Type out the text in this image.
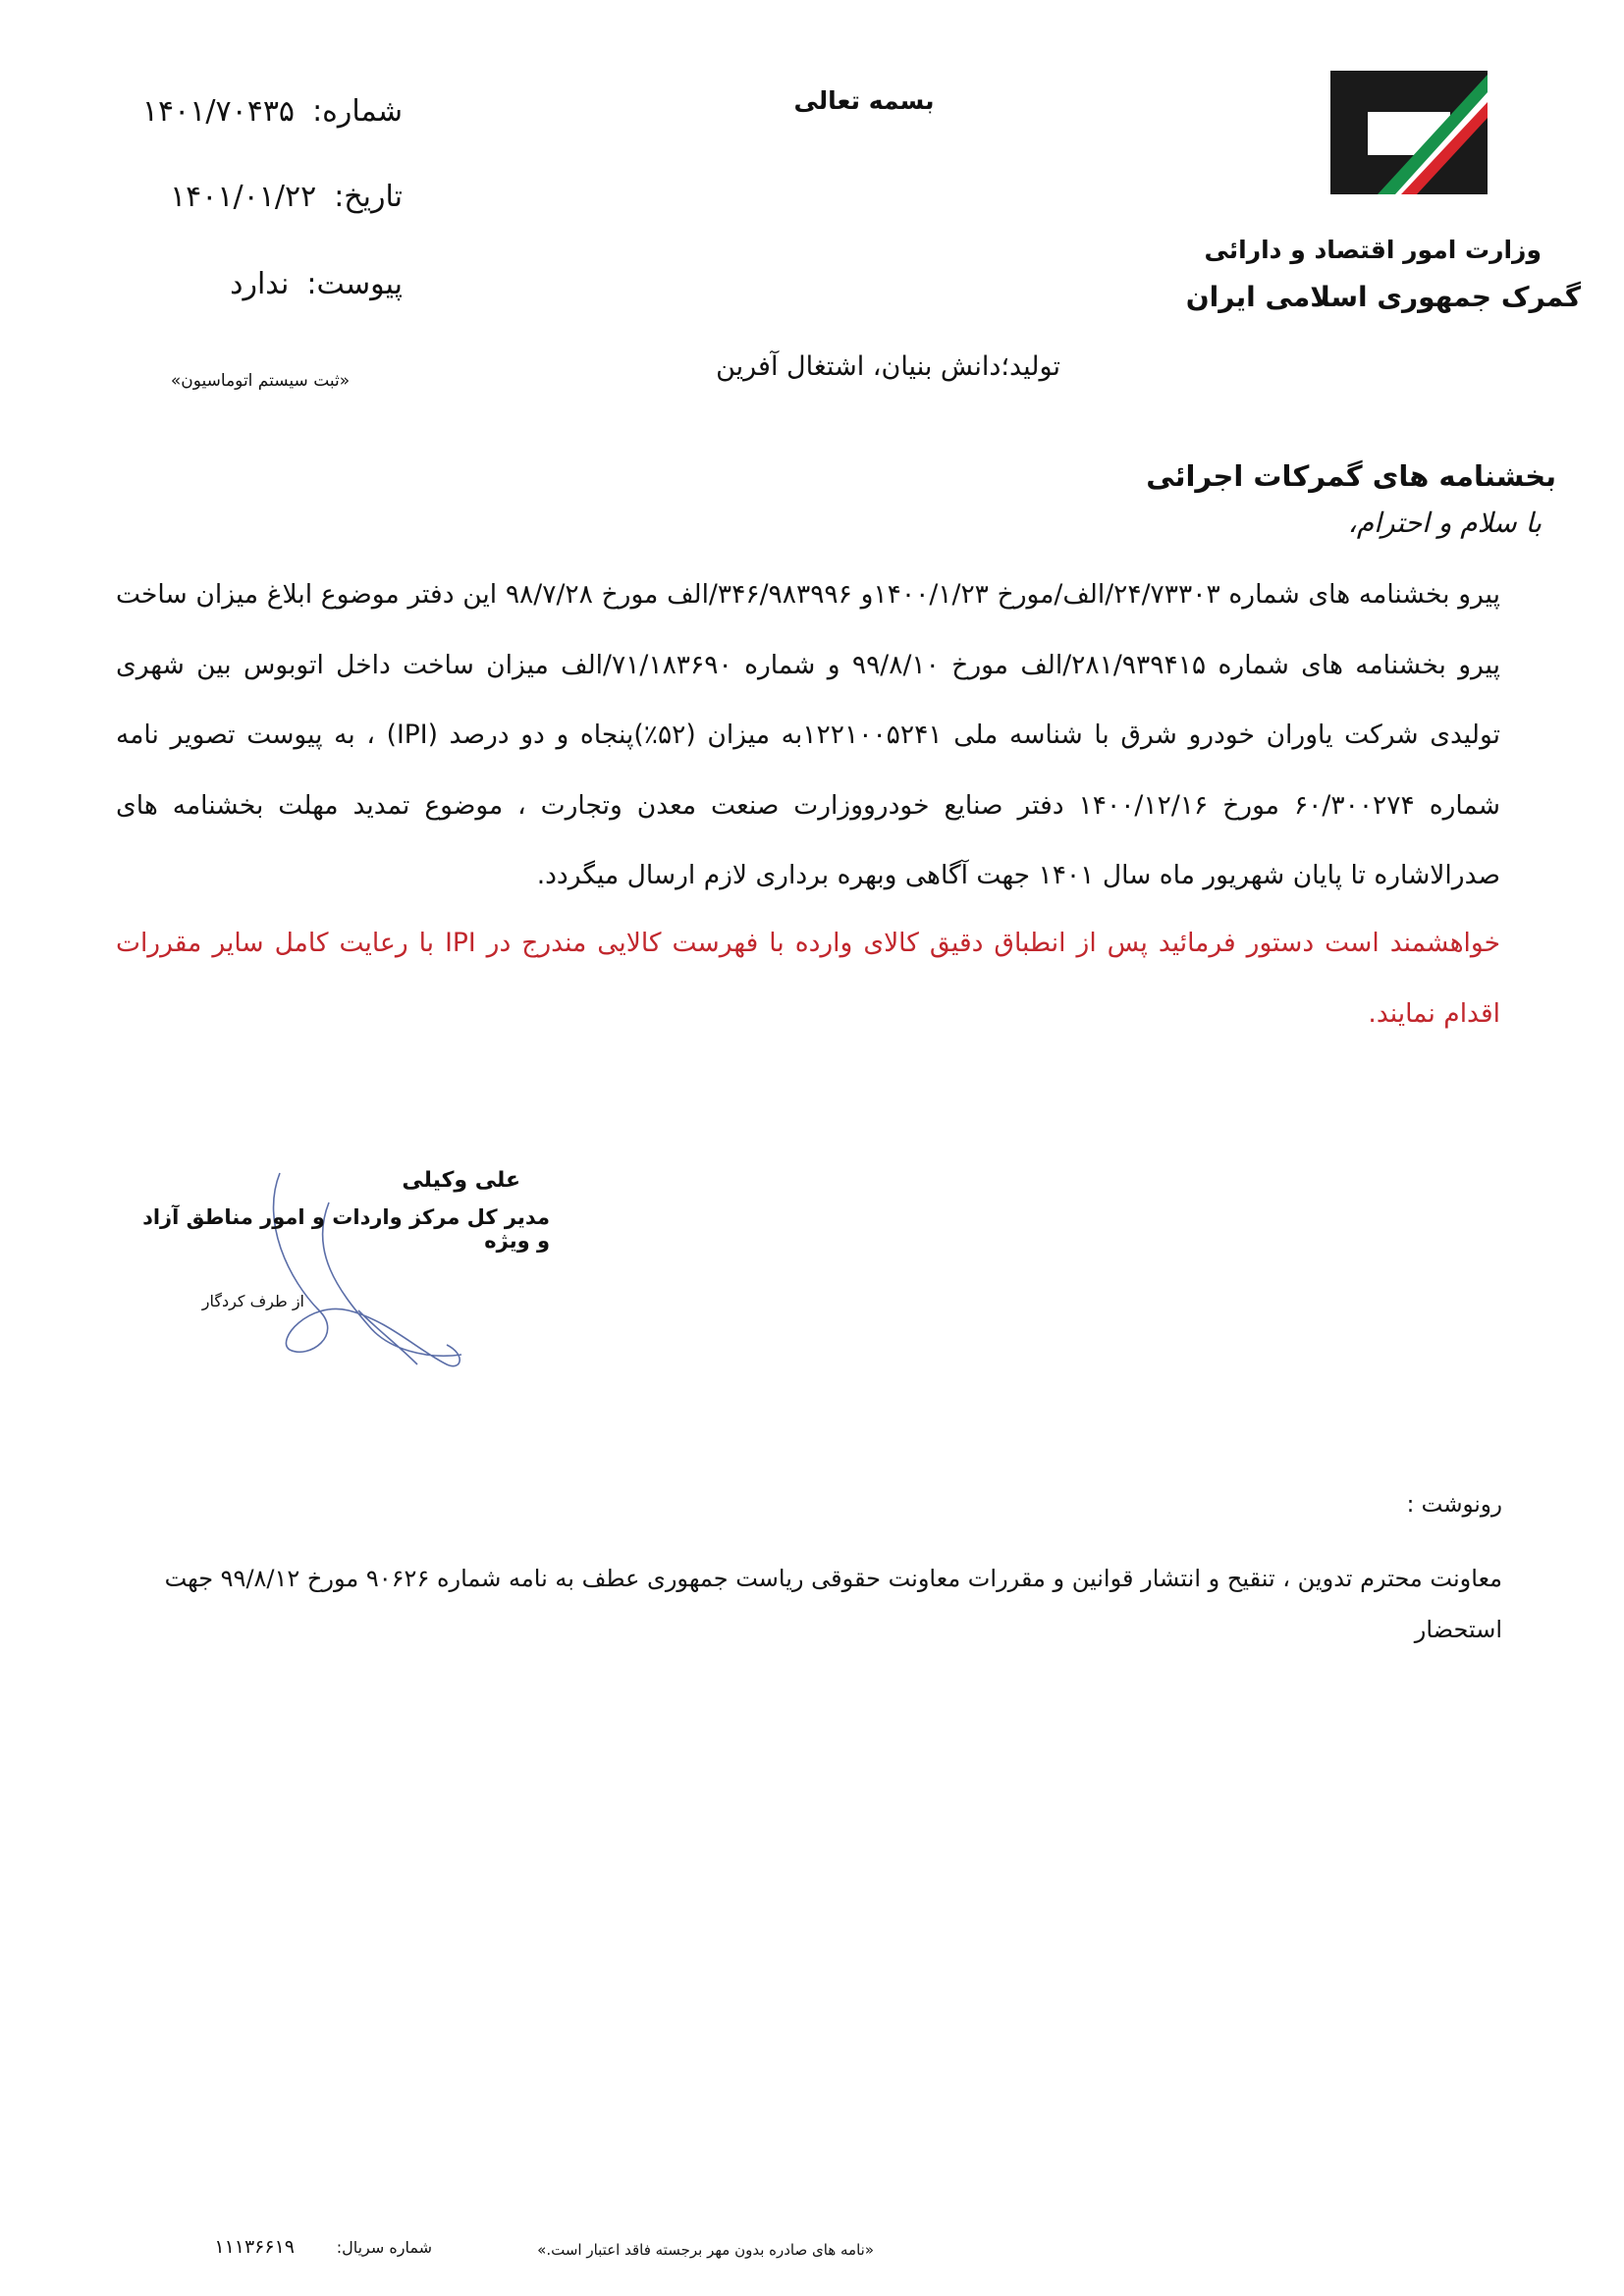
وزارت امور اقتصاد و دارائی
گمرک جمهوری اسلامی ایران
بسمه تعالی
شماره:
۱۴۰۱/۷۰۴۳۵
تاریخ:
۱۴۰۱/۰۱/۲۲
پیوست:
ندارد
«ثبت سیستم اتوماسیون»	تولید؛دانش بنیان، اشتغال آفرین
بخشنامه های گمرکات اجرائی
با سلام و احترام،
پیرو بخشنامه های شماره ۲۴/۷۳۳۰۳/الف/مورخ ۱۴۰۰/۱/۲۳و ۳۴۶/۹۸۳۹۹۶/الف مورخ ۹۸/۷/۲۸ این دفتر موضوع ابلاغ میزان ساخت پیرو بخشنامه های شماره ۲۸۱/۹۳۹۴۱۵/الف مورخ ۹۹/۸/۱۰ و شماره ۷۱/۱۸۳۶۹۰/الف میزان ساخت داخل اتوبوس بین شهری تولیدی شرکت یاوران خودرو شرق با شناسه ملی ۱۲۲۱۰۰۵۲۴۱به میزان (۵۲٪)پنجاه و دو درصد (IPI) ، به پیوست تصویر نامه شماره ۶۰/۳۰۰۲۷۴ مورخ ۱۴۰۰/۱۲/۱۶ دفتر صنایع خودرووزارت صنعت معدن وتجارت ، موضوع تمدید مهلت بخشنامه های صدرالاشاره تا پایان شهریور ماه سال ۱۴۰۱ جهت آگاهی وبهره برداری لازم ارسال میگردد.
خواهشمند است دستور فرمائید پس از انطباق دقیق کالای وارده با فهرست کالایی مندرج در IPI با رعایت کامل سایر مقررات اقدام نمایند.
علی وکیلی
مدیر کل مرکز واردات و امور مناطق آزاد و ویژه
از طرف کردگار
رونوشت :
معاونت محترم تدوین ، تنقیح و انتشار قوانین و مقررات معاونت حقوقی ریاست جمهوری عطف به نامه شماره ۹۰۶۲۶ مورخ ۹۹/۸/۱۲ جهت استحضار
«نامه های صادره بدون مهر برجسته فاقد اعتبار است.»
شماره سریال:
۱۱۱۳۶۶۱۹
